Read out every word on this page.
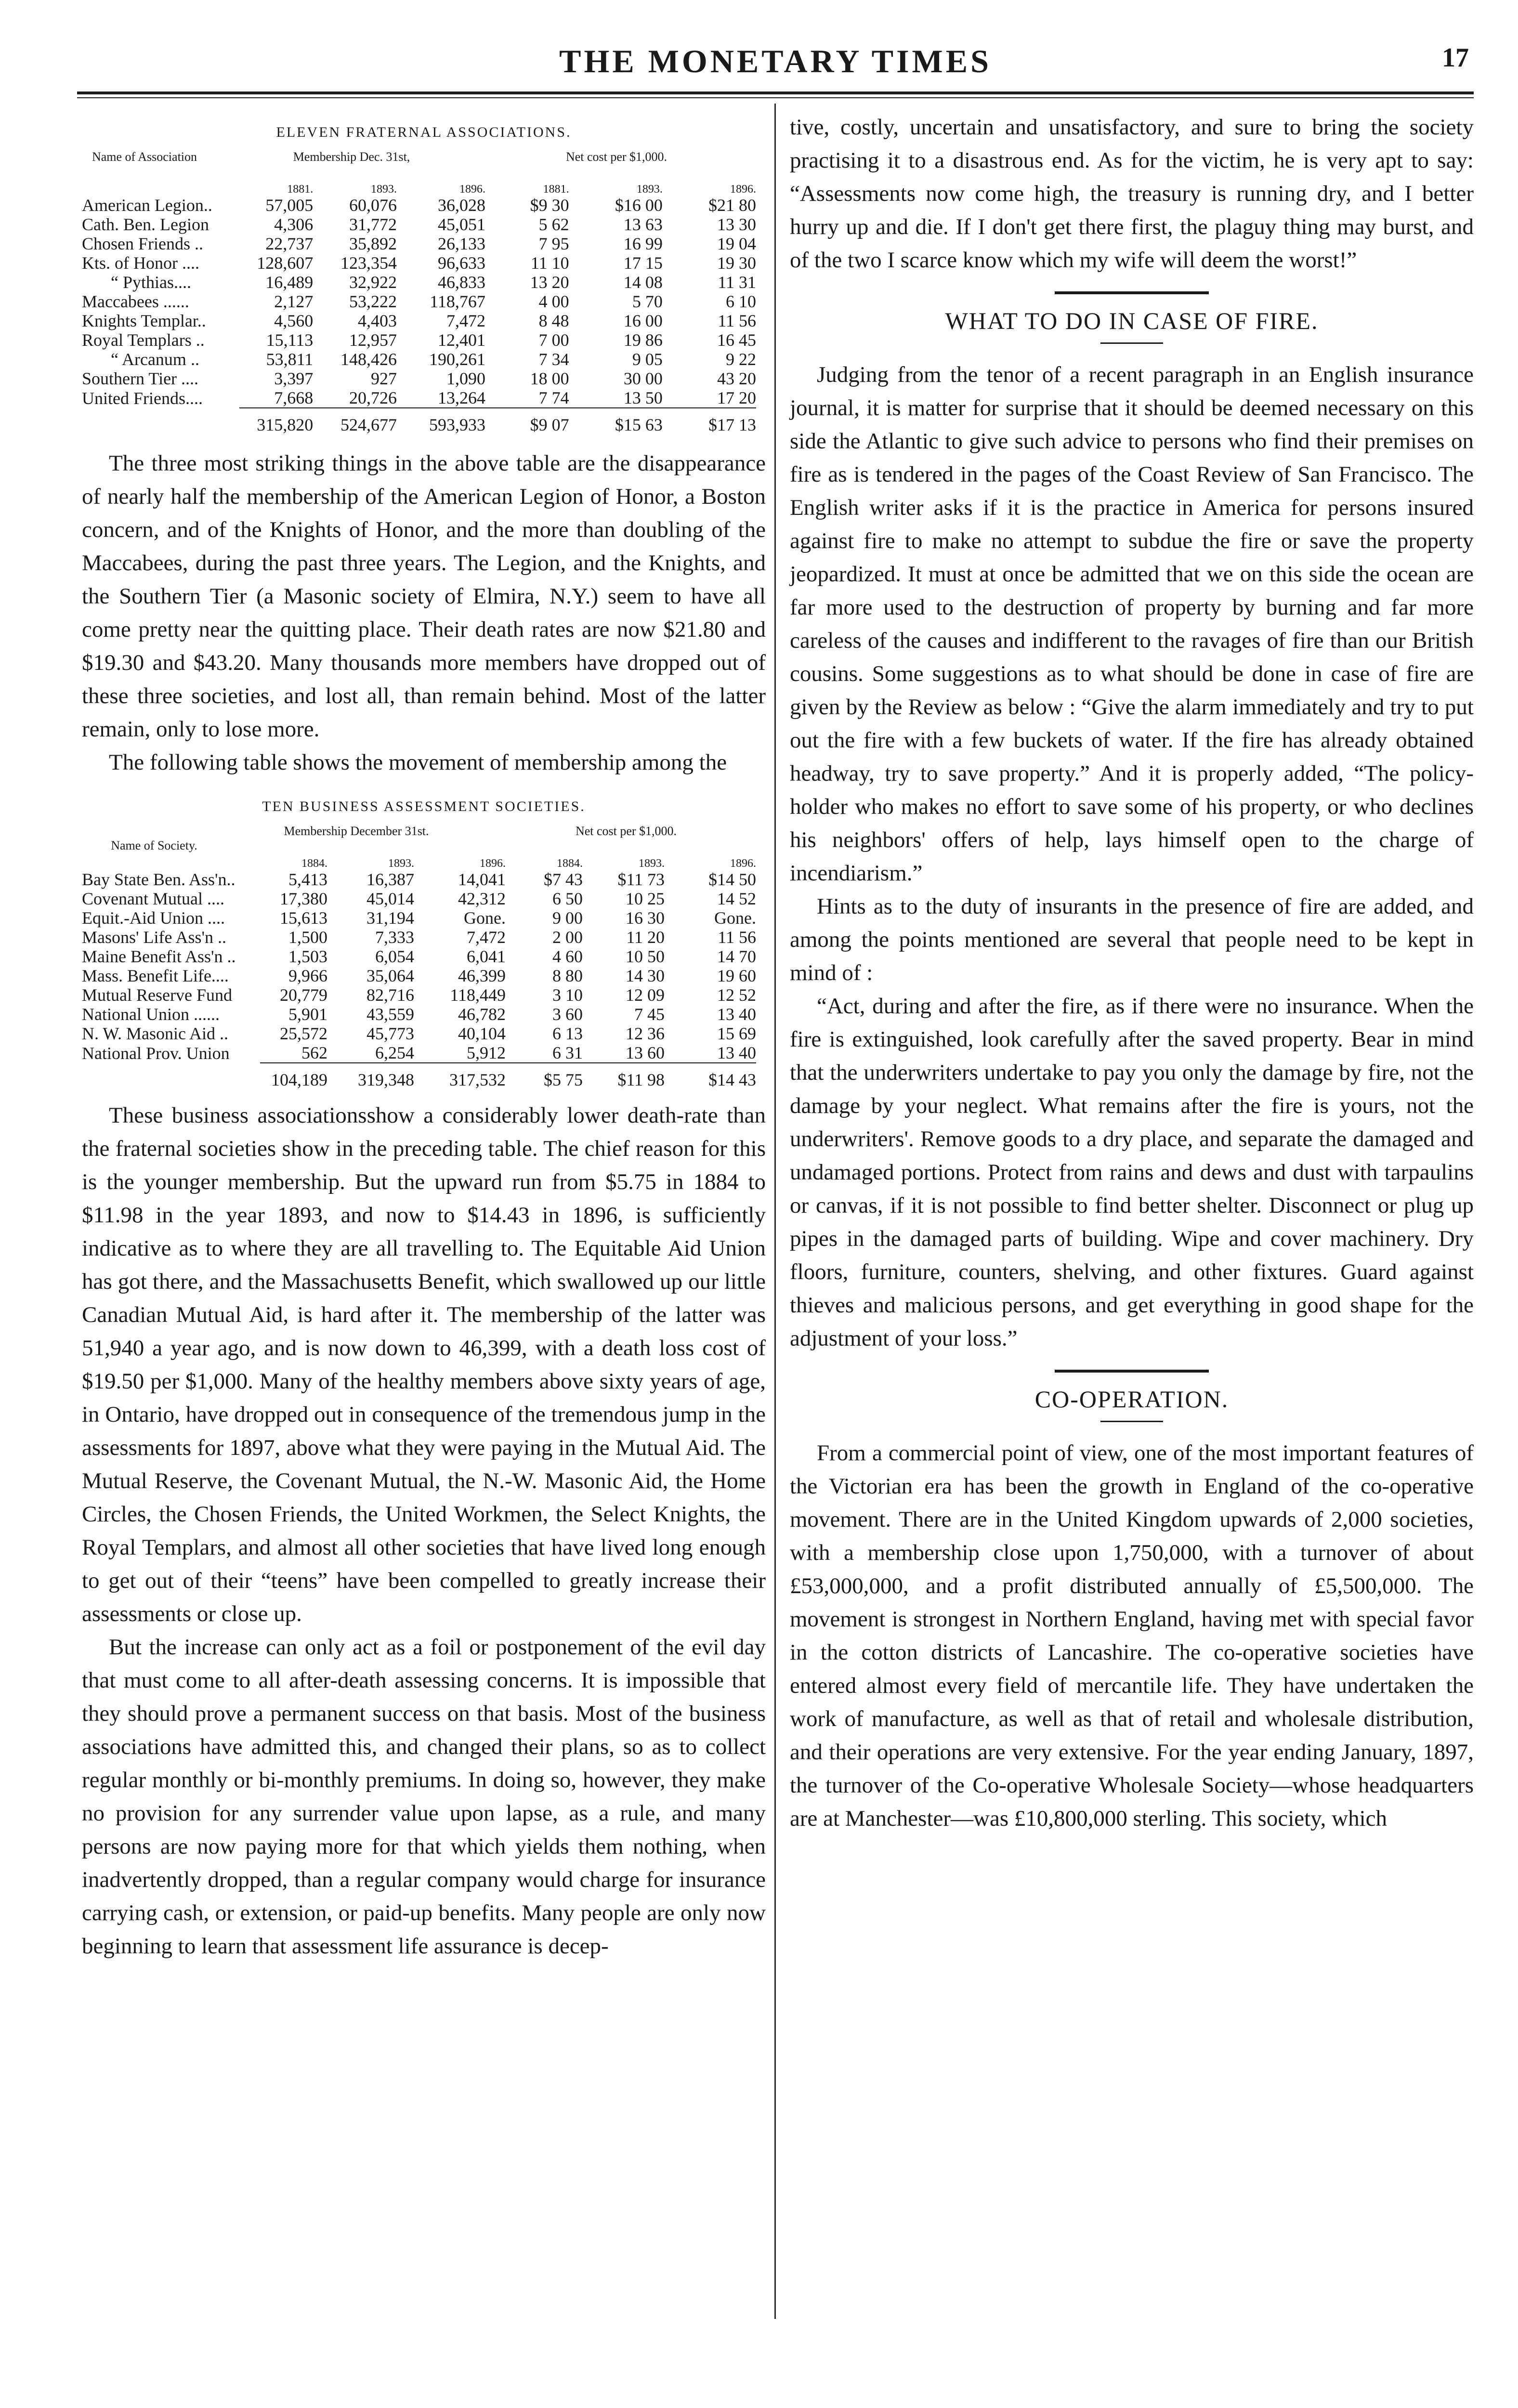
THE MONETARY TIMES	17
ELEVEN FRATERNAL ASSOCIATIONS.
Name of Association	Membership Dec. 31st,	Net cost per $1,000.
	1881.	1893.	1896.	1881.	1893.	1896.
American Legion..	57,005	60,076	36,028	$9 30	$16 00	$21 80
Cath. Ben. Legion	4,306	31,772	45,051	5 62	13 63	13 30
Chosen Friends ..	22,737	35,892	26,133	7 95	16 99	19 04
Kts. of Honor ....	128,607	123,354	96,633	11 10	17 15	19 30
“ Pythias....	16,489	32,922	46,833	13 20	14 08	11 31
Maccabees ......	2,127	53,222	118,767	4 00	5 70	6 10
Knights Templar..	4,560	4,403	7,472	8 48	16 00	11 56
Royal Templars ..	15,113	12,957	12,401	7 00	19 86	16 45
“ Arcanum ..	53,811	148,426	190,261	7 34	9 05	9 22
Southern Tier ....	3,397	927	1,090	18 00	30 00	43 20
United Friends....	7,668	20,726	13,264	7 74	13 50	17 20
	315,820	524,677	593,933	$9 07	$15 63	$17 13

The three most striking things in the above table are the disappearance of nearly half the membership of the American Legion of Honor, a Boston concern, and of the Knights of Honor, and the more than doubling of the Maccabees, during the past three years. The Legion, and the Knights, and the Southern Tier (a Masonic society of Elmira, N.Y.) seem to have all come pretty near the quitting place. Their death rates are now $21.80 and $19.30 and $43.20. Many thousands more members have dropped out of these three societies, and lost all, than remain behind. Most of the latter remain, only to lose more.

The following table shows the movement of membership among the

TEN BUSINESS ASSESSMENT SOCIETIES.
Name of Society.
Membership December 31st.	Net cost per $1,000.
	1884.	1893.	1896.	1884.	1893.	1896.
Bay State Ben. Ass'n..	5,413	16,387	14,041	$7 43	$11 73	$14 50
Covenant Mutual ....	17,380	45,014	42,312	6 50	10 25	14 52
Equit.-Aid Union ....	15,613	31,194	Gone.	9 00	16 30	Gone.
Masons' Life Ass'n ..	1,500	7,333	7,472	2 00	11 20	11 56
Maine Benefit Ass'n ..	1,503	6,054	6,041	4 60	10 50	14 70
Mass. Benefit Life....	9,966	35,064	46,399	8 80	14 30	19 60
Mutual Reserve Fund	20,779	82,716	118,449	3 10	12 09	12 52
National Union ......	5,901	43,559	46,782	3 60	7 45	13 40
N. W. Masonic Aid ..	25,572	45,773	40,104	6 13	12 36	15 69
National Prov. Union	562	6,254	5,912	6 31	13 60	13 40
	104,189	319,348	317,532	$5 75	$11 98	$14 43

These business associationsshow a considerably lower death-rate than the fraternal societies show in the preceding table. The chief reason for this is the younger membership. But the upward run from $5.75 in 1884 to $11.98 in the year 1893, and now to $14.43 in 1896, is sufficiently indicative as to where they are all travelling to. The Equitable Aid Union has got there, and the Massachusetts Benefit, which swallowed up our little Canadian Mutual Aid, is hard after it. The membership of the latter was 51,940 a year ago, and is now down to 46,399, with a death loss cost of $19.50 per $1,000. Many of the healthy members above sixty years of age, in Ontario, have dropped out in consequence of the tremendous jump in the assessments for 1897, above what they were paying in the Mutual Aid. The Mutual Reserve, the Covenant Mutual, the N.-W. Masonic Aid, the Home Circles, the Chosen Friends, the United Workmen, the Select Knights, the Royal Templars, and almost all other societies that have lived long enough to get out of their “teens” have been compelled to greatly increase their assessments or close up.

But the increase can only act as a foil or postponement of the evil day that must come to all after-death assessing concerns. It is impossible that they should prove a permanent success on that basis. Most of the business associations have admitted this, and changed their plans, so as to collect regular monthly or bi-monthly premiums. In doing so, however, they make no provision for any surrender value upon lapse, as a rule, and many persons are now paying more for that which yields them nothing, when inadvertently dropped, than a regular company would charge for insurance carrying cash, or extension, or paid-up benefits. Many people are only now beginning to learn that assessment life assurance is decep-

tive, costly, uncertain and unsatisfactory, and sure to bring the society practising it to a disastrous end. As for the victim, he is very apt to say: “Assessments now come high, the treasury is running dry, and I better hurry up and die. If I don't get there first, the plaguy thing may burst, and of the two I scarce know which my wife will deem the worst!”

WHAT TO DO IN CASE OF FIRE.

Judging from the tenor of a recent paragraph in an English insurance journal, it is matter for surprise that it should be deemed necessary on this side the Atlantic to give such advice to persons who find their premises on fire as is tendered in the pages of the Coast Review of San Francisco. The English writer asks if it is the practice in America for persons insured against fire to make no attempt to subdue the fire or save the property jeopardized. It must at once be admitted that we on this side the ocean are far more used to the destruction of property by burning and far more careless of the causes and indifferent to the ravages of fire than our British cousins. Some suggestions as to what should be done in case of fire are given by the Review as below : “Give the alarm immediately and try to put out the fire with a few buckets of water. If the fire has already obtained headway, try to save property.” And it is properly added, “The policy-holder who makes no effort to save some of his property, or who declines his neighbors' offers of help, lays himself open to the charge of incendiarism.”

Hints as to the duty of insurants in the presence of fire are added, and among the points mentioned are several that people need to be kept in mind of :

“Act, during and after the fire, as if there were no insurance. When the fire is extinguished, look carefully after the saved property. Bear in mind that the underwriters undertake to pay you only the damage by fire, not the damage by your neglect. What remains after the fire is yours, not the underwriters'. Remove goods to a dry place, and separate the damaged and undamaged portions. Protect from rains and dews and dust with tarpaulins or canvas, if it is not possible to find better shelter. Disconnect or plug up pipes in the damaged parts of building. Wipe and cover machinery. Dry floors, furniture, counters, shelving, and other fixtures. Guard against thieves and malicious persons, and get everything in good shape for the adjustment of your loss.”

CO-OPERATION.

From a commercial point of view, one of the most important features of the Victorian era has been the growth in England of the co-operative movement. There are in the United Kingdom upwards of 2,000 societies, with a membership close upon 1,750,000, with a turnover of about £53,000,000, and a profit distributed annually of £5,500,000. The movement is strongest in Northern England, having met with special favor in the cotton districts of Lancashire. The co-operative societies have entered almost every field of mercantile life. They have undertaken the work of manufacture, as well as that of retail and wholesale distribution, and their operations are very extensive. For the year ending January, 1897, the turnover of the Co-operative Wholesale Society—whose headquarters are at Manchester—was £10,800,000 sterling. This society, which
